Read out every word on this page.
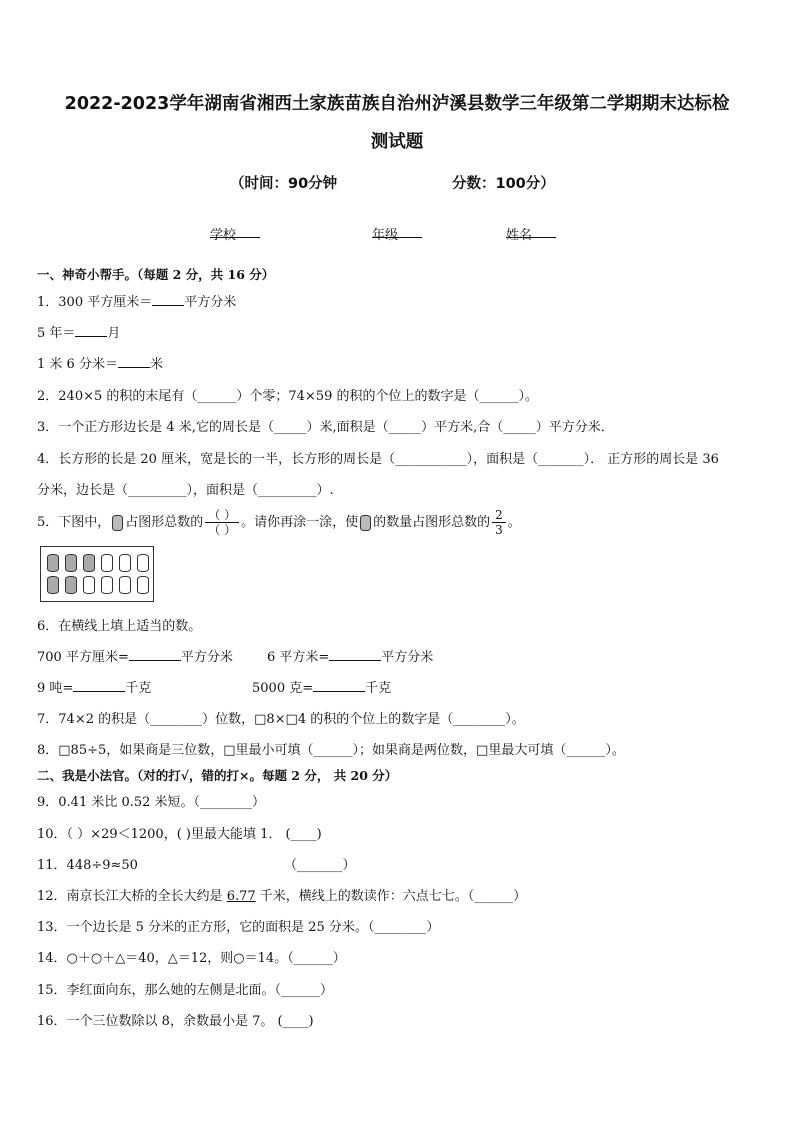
2022-2023学年湖南省湘西土家族苗族自治州泸溪县数学三年级第二学期期末达标检
测试题
（时间：90分钟	分数：100分）
学校	年级	姓名
一、神奇小帮手。（每题 2 分，共 16 分）
1．300 平方厘米＝ 平方分米
5 年＝ 月
1 米 6 分米＝ 米
2．240×5 的积的末尾有（______）个零；74×59 的积的个位上的数字是（______）。
3．一个正方形边长是 4 米,它的周长是（_____）米,面积是（_____）平方米,合（_____）平方分米．
4．长方形的长是 20 厘米，宽是长的一半，长方形的周长是（___________），面积是（_______）． 正方形的周长是 36
分米，边长是（_________），面积是（_________）.
5．下图中， 占图形总数的 $\frac{( )}{( )}$ 。请你再涂一涂，使 的数量占图形总数的 $\frac{2}{3}$ 。
6．在横线上填上适当的数。
700 平方厘米=	平方分米	6 平方米=	平方分米
9 吨=	千克	5000 克=	千克
7．74×2 的积是（________）位数，□8×□4 的积的个位上的数字是（________）。
8．□85÷5，如果商是三位数，□里最小可填（______）；如果商是两位数，□里最大可填（______）。
二、我是小法官。（对的打√，错的打×。每题 2 分， 共 20 分）
9．0.41 米比 0.52 米短。（________）
10．（ ）×29＜1200，( )里最大能填 1． (____)
11．448÷9≈50	（_______）
12．南京长江大桥的全长大约是 6.77 千米，横线上的数读作：六点七七。（______）
13．一个边长是 5 分米的正方形，它的面积是 25 分米。（________）
14．○＋○＋△＝40，△＝12，则○＝14。（______）
15．李红面向东，那么她的左侧是北面。（______）
16．一个三位数除以 8，余数最小是 7。 (____)
